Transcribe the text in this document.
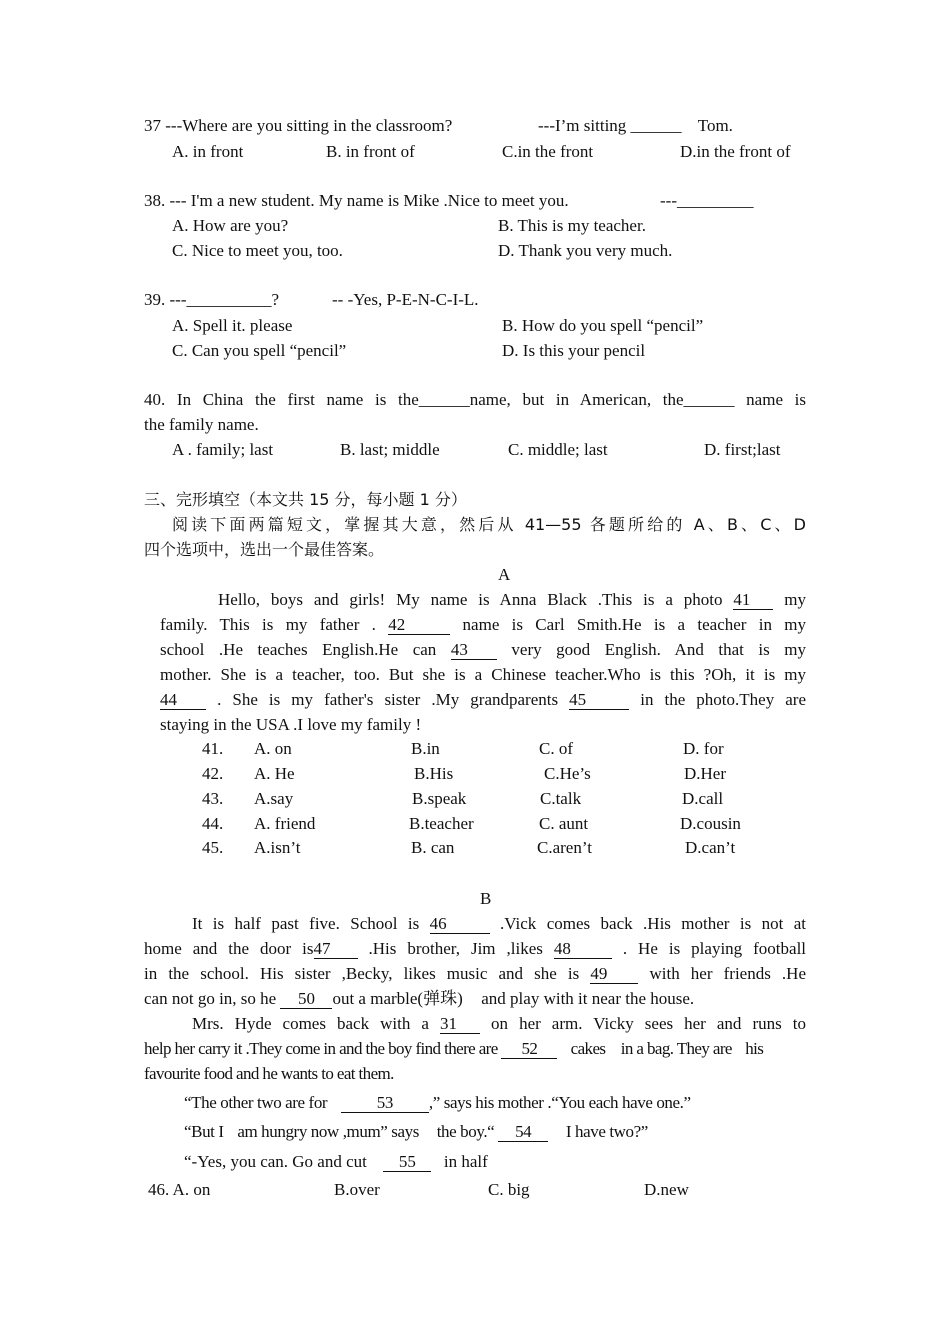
37 ---Where are you sitting in the classroom?	---I’m sitting ______ Tom.
A. in front	B. in front of	C.in the front	D.in the front of
38. --- I'm a new student. My name is Mike .Nice to meet you.	---_________
A. How are you?	B. This is my teacher.
C. Nice to meet you, too.	D. Thank you very much.
39. ---__________?	-- -Yes, P-E-N-C-I-L.
A. Spell it. please	B. How do you spell “pencil”
C. Can you spell “pencil”	D. Is this your pencil
40. In China the first name is the______name, but in American, the______ name is
the family name.
A . family; last	B. last; middle	C. middle; last	D. first;last
三、完形填空（本文共 15 分，每小题 1 分）
阅读下面两篇短文，掌握其大意，然后从 41—55 各题所给的 A、B、C、D
四个选项中，选出一个最佳答案。
A
Hello, boys and girls! My name is Anna Black .This is a photo 41 my
family. This is my father . 42	name is Carl Smith.He is a teacher in my
school .He teaches English.He can 43	very good English. And that is my
mother. She is a teacher, too. But she is a Chinese teacher.Who is this ?Oh, it is my
44 . She is my father's sister .My grandparents 45	in the photo.They are
staying in the USA .I love my family !
41. A. on	B.in	C. of	D. for
42. A. He	B.His	C.He’s	D.Her
43. A.say	B.speak	C.talk	D.call
44. A. friend	B.teacher	C. aunt	D.cousin
45. A.isn’t	B. can	C.aren’t	D.can’t
B
It is half past five. School is 46	.Vick comes back .His mother is not at
home and the door is47 .His brother, Jim ,likes 48	. He is playing football
in the school. His sister ,Becky, likes music and she is 49 with her friends .He
can not go in, so he 50 out a marble(弹珠) and play with it near the house.
Mrs. Hyde comes back with a 31 on her arm. Vicky sees her and runs to
help her carry it .They come in and the boy find there are 52 cakes in a bag. They are his
favourite food and he wants to eat them.
“The other two are for	53 ,” says his mother .“You each have one.”
“But I am hungry now ,mum” says the boy.“ 54 I have two?”
“-Yes, you can. Go and cut 55 in half
46. A. on	B.over	C. big	D.new
